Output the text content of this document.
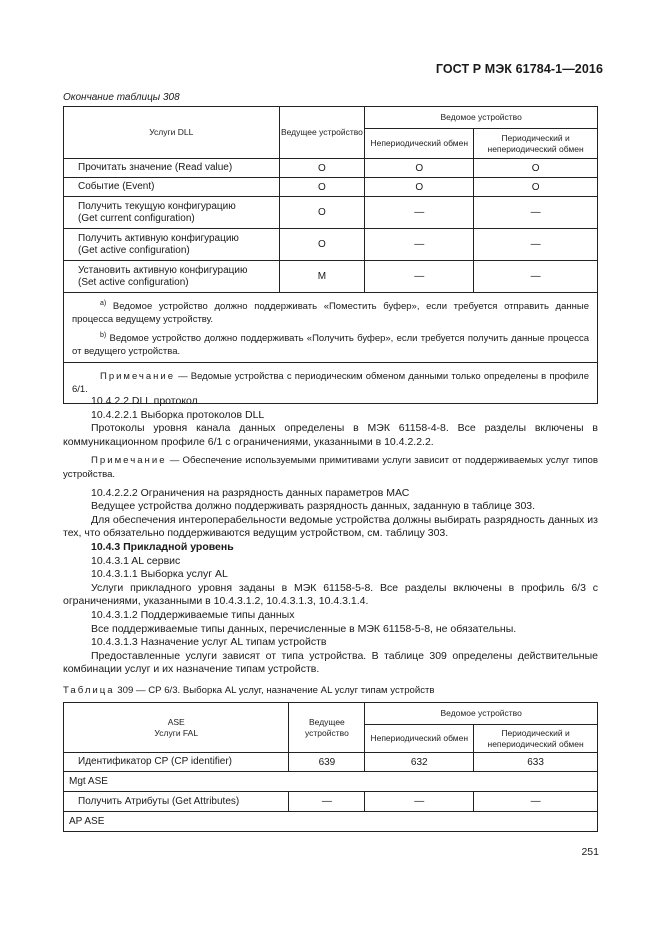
ГОСТ Р МЭК 61784-1—2016
Окончание таблицы 308
Услуги DLL	Ведущее устройство	Ведомое устройство	
		Непериодический обмен	Периодический и непериодический обмен
Прочитать значение (Read value)	О	О	О
Событие (Event)	О	О	О
Получить текущую конфигурацию
(Get current configuration)	О	—	—
Получить активную конфигурацию
(Get active configuration)	О	—	—
Установить активную конфигурацию
(Set active configuration)	М	—	—

$^{а)}$ Ведомое устройство должно поддерживать «Поместить буфер», если требуется отправить данные процесса ведущему устройству.
$^{b)}$ Ведомое устройство должно поддерживать «Получить буфер», если требуется получить данные процесса от ведущего устройства.			

Примечание — Ведомые устройства с периодическим обменом данными только определены в профиле 6/1.			

10.4.2.2 DLL протокол

10.4.2.2.1 Выборка протоколов DLL

Протоколы уровня канала данных определены в МЭК 61158-4-8. Все разделы включены в коммуникационном профиле 6/1 с ограничениями, указанными в 10.4.2.2.2.

Примечание — Обеспечение используемыми примитивами услуги зависит от поддерживаемых услуг типов устройства.

10.4.2.2.2 Ограничения на разрядность данных параметров МАС

Ведущее устройства должно поддерживать разрядность данных, заданную в таблице 303.

Для обеспечения интероперабельности ведомые устройства должны выбирать разрядность данных из тех, что обязательно поддерживаются ведущим устройством, см. таблицу 303.

10.4.3 Прикладной уровень

10.4.3.1 AL сервис

10.4.3.1.1 Выборка услуг AL

Услуги прикладного уровня заданы в МЭК 61158-5-8. Все разделы включены в профиль 6/3 с ограничениями, указанными в 10.4.3.1.2, 10.4.3.1.3, 10.4.3.1.4.

10.4.3.1.2 Поддерживаемые типы данных

Все поддерживаемые типы данных, перечисленные в МЭК 61158-5-8, не обязательны.

10.4.3.1.3 Назначение услуг AL типам устройств

Предоставленные услуги зависят от типа устройства. В таблице 309 определены действительные комбинации услуг и их назначение типам устройств.

Таблица 309 — СР 6/3. Выборка AL услуг, назначение AL услуг типам устройств
ASE
Услуги FAL	Ведущее устройство	Ведомое устройство	
		Непериодический обмен	Периодический и непериодический обмен
Идентификатор СР (CP identifier)	639	632	633
Mgt ASE			
Получить Атрибуты (Get Attributes)	—	—	—
AP ASE			
251
